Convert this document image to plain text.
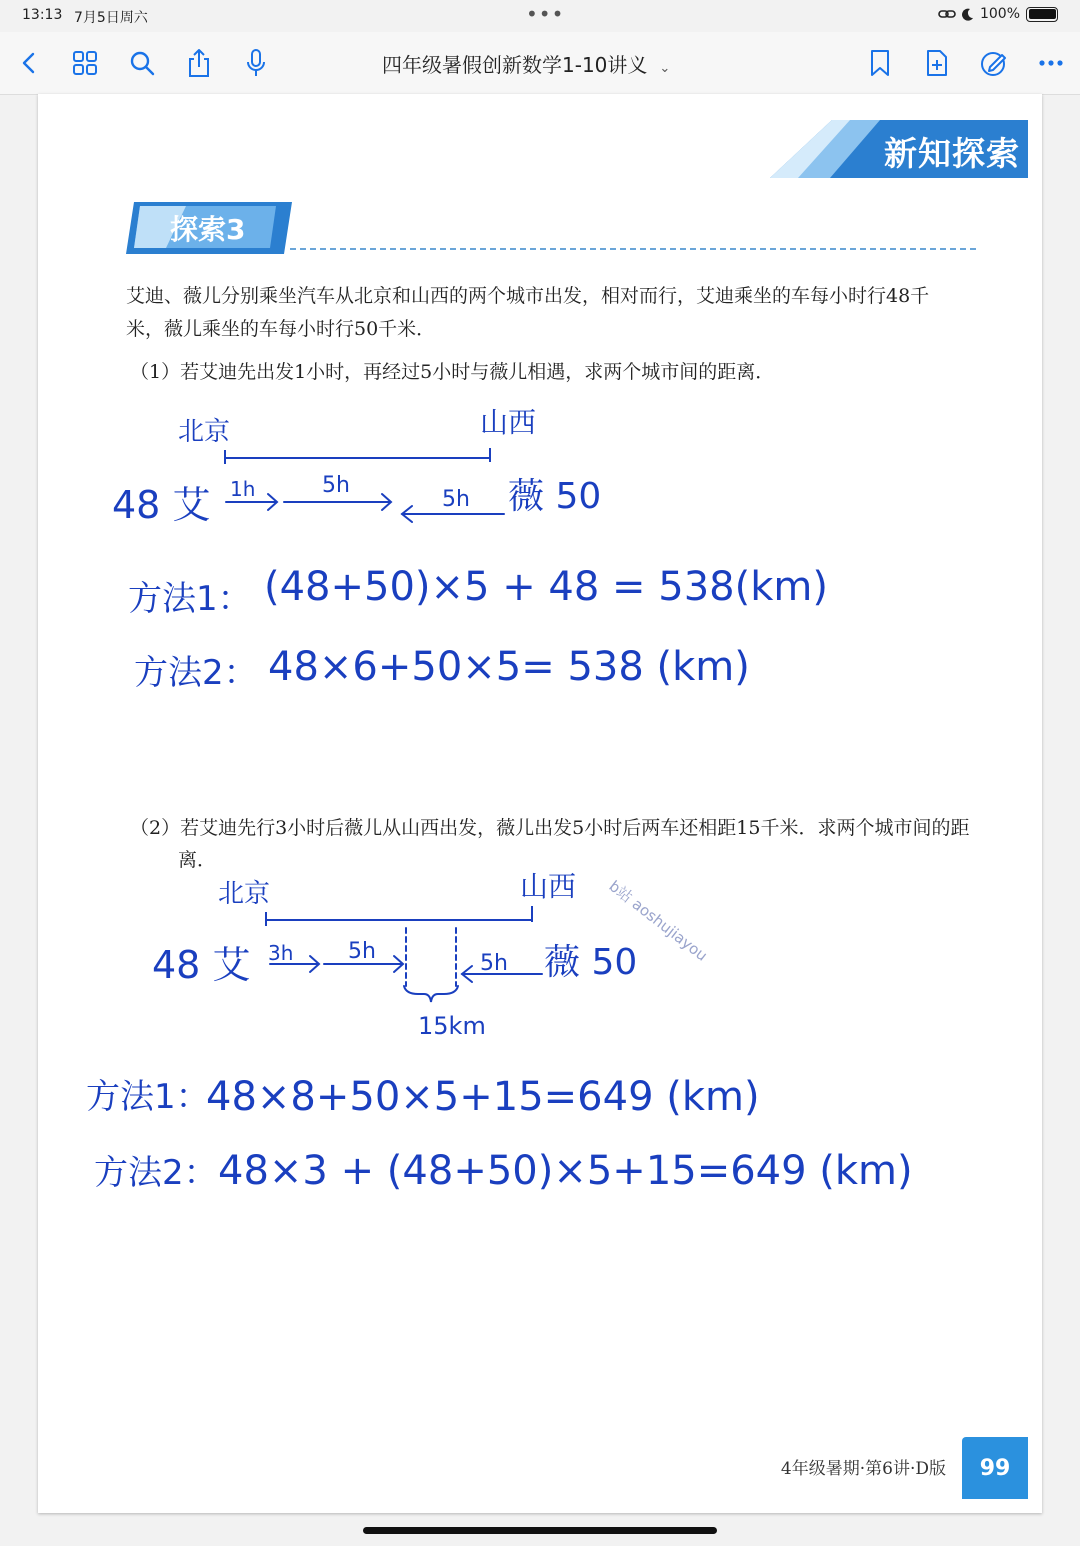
13:13 7月5日周六	•••	100%
四年级暑假创新数学1-10讲义 ⌄
新知探索
探索3
艾迪、薇儿分别乘坐汽车从北京和山西的两个城市出发，相对而行，艾迪乘坐的车每小时行48千
米，薇儿乘坐的车每小时行50千米．
（1）若艾迪先出发1小时，再经过5小时与薇儿相遇，求两个城市间的距离．
（2）若艾迪先行3小时后薇儿从山西出发，薇儿出发5小时后两车还相距15千米．求两个城市间的距
离．
北京	山西
48 艾 1h	5h
5h 薇 50
方法1： (48+50)×5 + 48 = 538(km)
方法2： 48×6+50×5= 538 (km)
北京	山西
48 艾 3h 5h	5h 薇 50
15km
b站 aoshujiayou
方法1：
48×8+50×5+15=649 (km)
方法2： 48×3 + (48+50)×5+15=649 (km)
4年级暑期·第6讲·D版	99
